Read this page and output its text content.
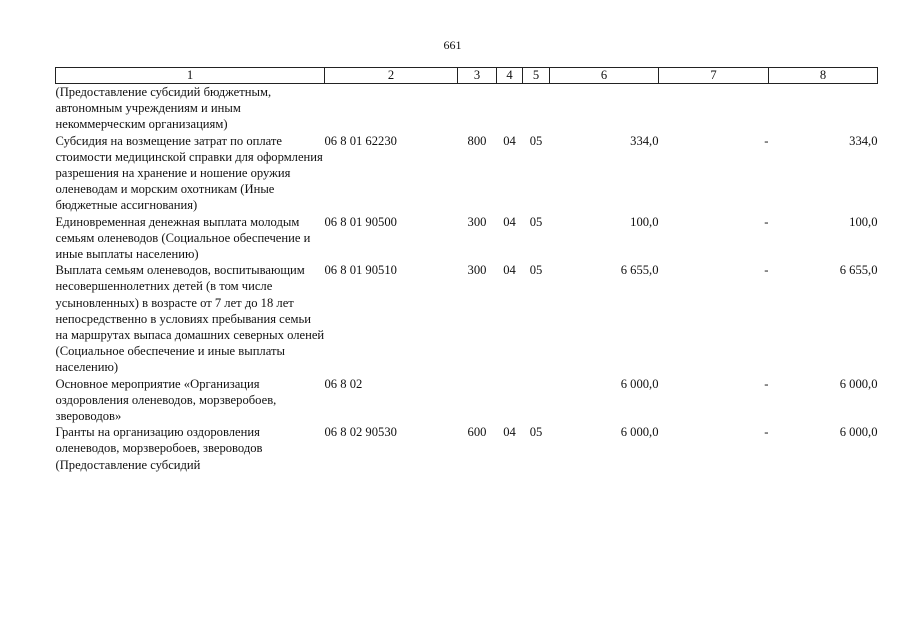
661
1	2	3	4	5	6	7	8
(Предоставление субсидий бюджетным, автономным учреждениям и иным некоммерческим организациям)							
Субсидия на возмещение затрат по оплате стоимости медицинской справки для оформления разрешения на хранение и ношение оружия оленеводам и морским охотникам (Иные бюджетные ассигнования)	06 8 01 62230	800	04	05	334,0	-	334,0
Единовременная денежная выплата молодым семьям оленеводов (Социальное обеспечение и иные выплаты населению)	06 8 01 90500	300	04	05	100,0	-	100,0
Выплата семьям оленеводов, воспитывающим несовершеннолетних детей (в том числе усыновленных) в возрасте от 7 лет до 18 лет непосредственно в условиях пребывания семьи на маршрутах выпаса домашних северных оленей (Социальное обеспечение и иные выплаты населению)	06 8 01 90510	300	04	05	6 655,0	-	6 655,0
Основное мероприятие «Организация оздоровления оленеводов, морзверобоев, звероводов»	06 8 02				6 000,0	-	6 000,0
Гранты на организацию оздоровления оленеводов, морзверобоев, звероводов (Предоставление субсидий	06 8 02 90530	600	04	05	6 000,0	-	6 000,0
